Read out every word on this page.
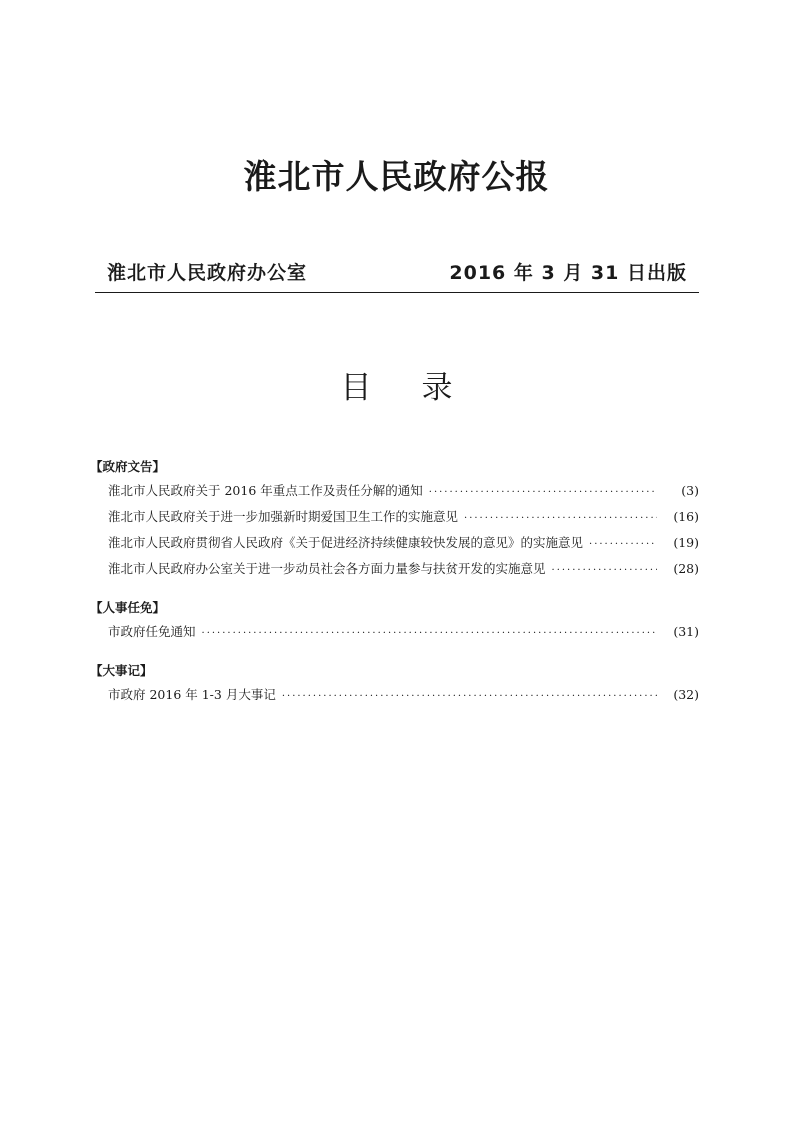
淮北市人民政府公报
淮北市人民政府办公室	2016 年 3 月 31 日出版
目录
【政府文告】
淮北市人民政府关于 2016 年重点工作及责任分解的通知 ·····	(3)
淮北市人民政府关于进一步加强新时期爱国卫生工作的实施意见 ·····	(16)
淮北市人民政府贯彻省人民政府《关于促进经济持续健康较快发展的意见》的实施意见 ·····	(19)
淮北市人民政府办公室关于进一步动员社会各方面力量参与扶贫开发的实施意见 ·····	(28)
【人事任免】
市政府任免通知 ·····	(31)
【大事记】
市政府 2016 年 1-3 月大事记 ·····	(32)
